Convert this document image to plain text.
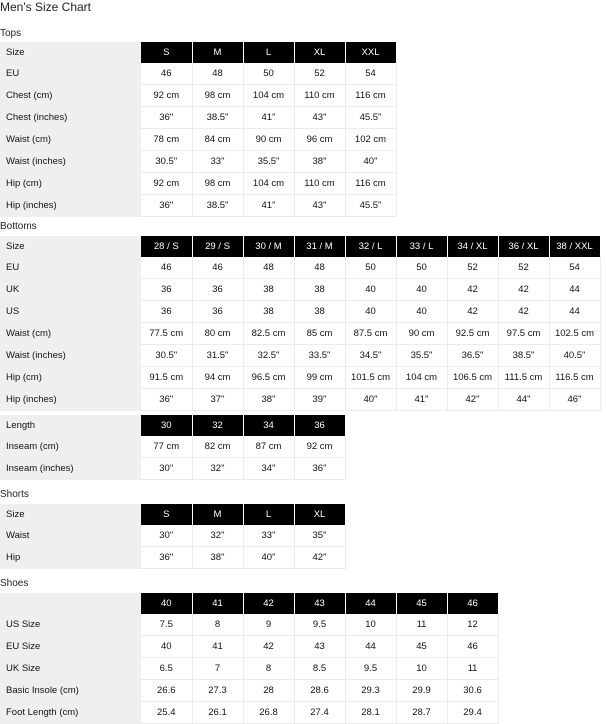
Men's Size Chart
Tops
Size	S	M	L	XL	XXL
EU	46	48	50	52	54
Chest (cm)	92 cm	98 cm	104 cm	110 cm	116 cm
Chest (inches)	36"	38.5"	41"	43"	45.5"
Waist (cm)	78 cm	84 cm	90 cm	96 cm	102 cm
Waist (inches)	30.5"	33"	35.5"	38"	40"
Hip (cm)	92 cm	98 cm	104 cm	110 cm	116 cm
Hip (inches)	36"	38.5"	41"	43"	45.5"
Bottoms
Size	28 / S	29 / S	30 / M	31 / M	32 / L	33 / L	34 / XL	36 / XL	38 / XXL
EU	46	46	48	48	50	50	52	52	54
UK	36	36	38	38	40	40	42	42	44
US	36	36	38	38	40	40	42	42	44
Waist (cm)	77.5 cm	80 cm	82.5 cm	85 cm	87.5 cm	90 cm	92.5 cm	97.5 cm	102.5 cm
Waist (inches)	30.5"	31.5"	32.5"	33.5"	34.5"	35.5"	36.5"	38.5"	40.5"
Hip (cm)	91.5 cm	94 cm	96.5 cm	99 cm	101.5 cm	104 cm	106.5 cm	111.5 cm	116.5 cm
Hip (inches)	36"	37"	38"	39"	40"	41"	42"	44"	46"
Length	30	32	34	36
Inseam (cm)	77 cm	82 cm	87 cm	92 cm
Inseam (inches)	30"	32"	34"	36"
Shorts
Size	S	M	L	XL
Waist	30"	32"	33"	35"
Hip	36"	38"	40"	42"
Shoes
	40	41	42	43	44	45	46
US Size	7.5	8	9	9.5	10	11	12
EU Size	40	41	42	43	44	45	46
UK Size	6.5	7	8	8.5	9.5	10	11
Basic Insole (cm)	26.6	27.3	28	28.6	29.3	29.9	30.6
Foot Length (cm)	25.4	26.1	26.8	27.4	28.1	28.7	29.4
